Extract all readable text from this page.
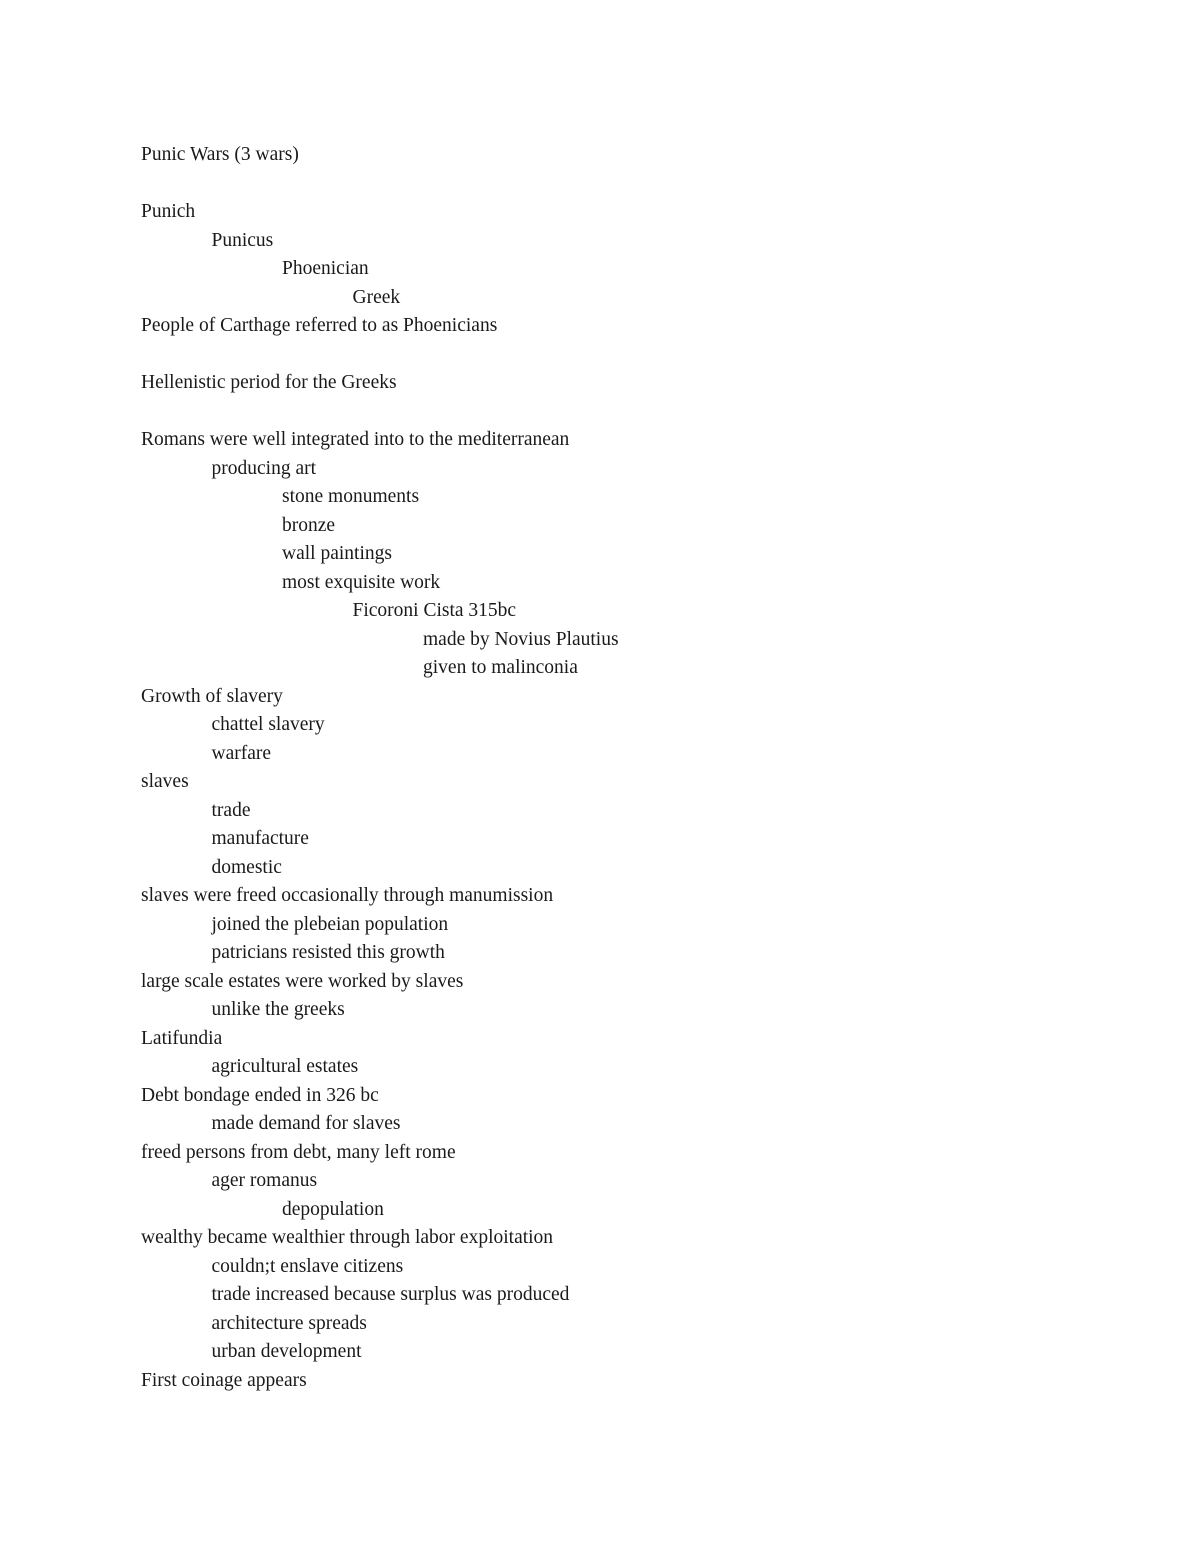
Punic Wars (3 wars)
Punich
Punicus
Phoenician
Greek
People of Carthage referred to as Phoenicians
Hellenistic period for the Greeks
Romans were well integrated into to the mediterranean
producing art
stone monuments
bronze
wall paintings
most exquisite work
Ficoroni Cista 315bc
made by Novius Plautius
given to malinconia
Growth of slavery
chattel slavery
warfare
slaves
trade
manufacture
domestic
slaves were freed occasionally through manumission
joined the plebeian population
patricians resisted this growth
large scale estates were worked by slaves
unlike the greeks
Latifundia
agricultural estates
Debt bondage ended in 326 bc
made demand for slaves
freed persons from debt, many left rome
ager romanus
depopulation
wealthy became wealthier through labor exploitation
couldn;t enslave citizens
trade increased because surplus was produced
architecture spreads
urban development
First coinage appears
